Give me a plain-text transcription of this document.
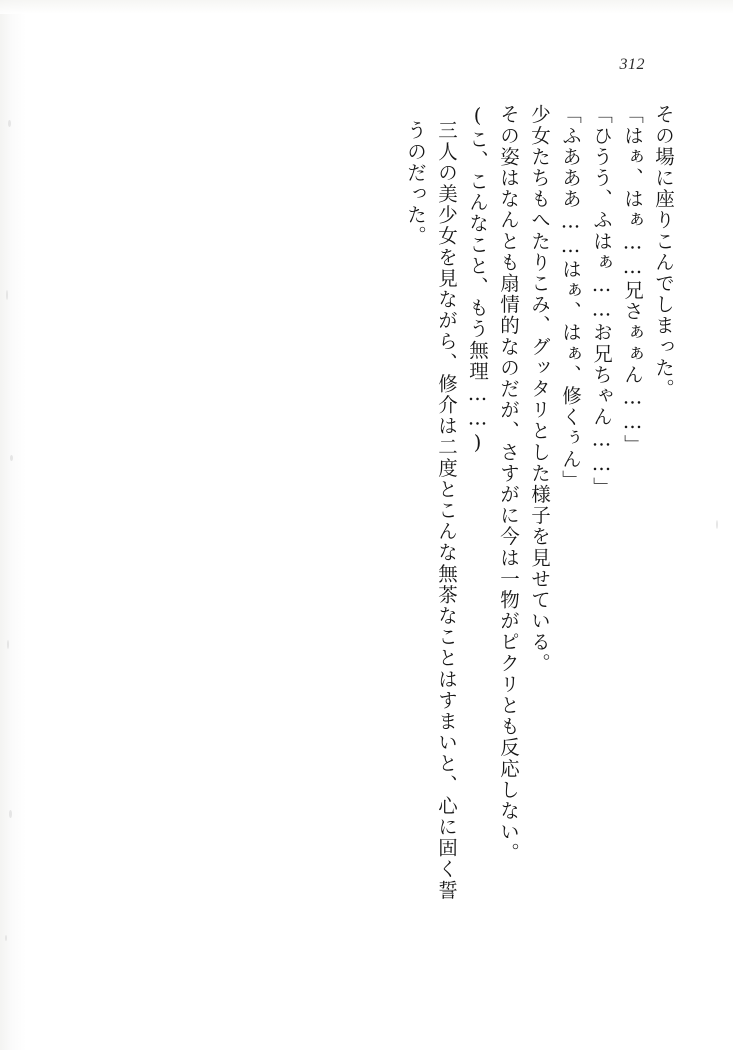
312
うのだった。 三人の美少女を見ながら、修介は二度とこんな無茶なことはすまいと、心に固く誓 (こ、こんなこと、もう無理……) その姿はなんとも扇情的なのだが、さすがに今は一物がピクリとも反応しない。 少女たちもへたりこみ、グッタリとした様子を見せている。 「ふあああ……はぁ、はぁ、修くぅん」 「ひうう、ふはぁ……お兄ちゃん……」 「はぁ、はぁ……兄さぁぁん……」 その場に座りこんでしまった。
